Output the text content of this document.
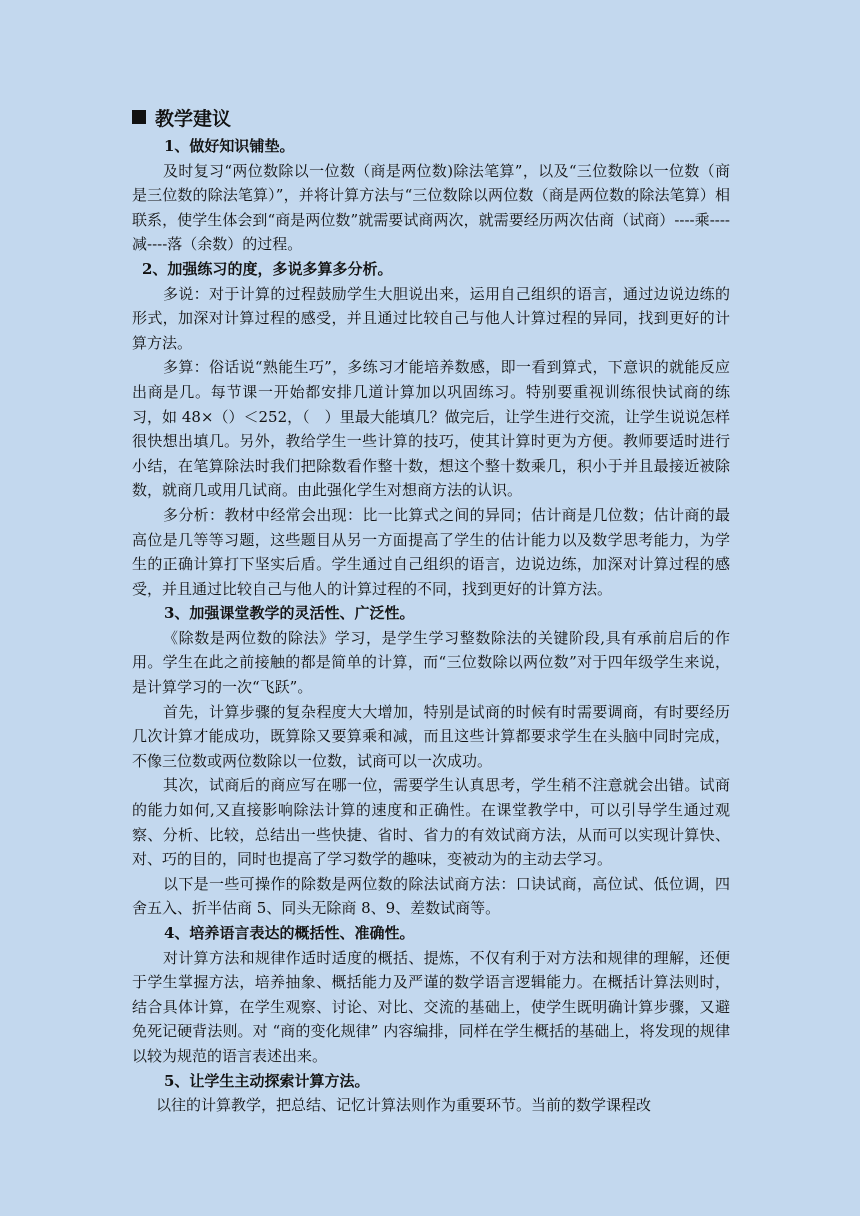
教学建议
1、做好知识铺垫。

及时复习“两位数除以一位数（商是两位数)除法笔算”，以及“三位数除以一位数（商是三位数的除法笔算）”，并将计算方法与“三位数除以两位数（商是两位数的除法笔算）相联系，使学生体会到“商是两位数”就需要试商两次，就需要经历两次估商（试商）----乘----减----落（余数）的过程。

2、加强练习的度，多说多算多分析。

多说：对于计算的过程鼓励学生大胆说出来，运用自己组织的语言，通过边说边练的形式，加深对计算过程的感受，并且通过比较自己与他人计算过程的异同，找到更好的计算方法。

多算：俗话说“熟能生巧”，多练习才能培养数感，即一看到算式，下意识的就能反应出商是几。每节课一开始都安排几道计算加以巩固练习。特别要重视训练很快试商的练习，如 48×（）＜252，（　）里最大能填几？做完后，让学生进行交流，让学生说说怎样很快想出填几。另外，教给学生一些计算的技巧，使其计算时更为方便。教师要适时进行小结，在笔算除法时我们把除数看作整十数，想这个整十数乘几，积小于并且最接近被除数，就商几或用几试商。由此强化学生对想商方法的认识。

多分析：教材中经常会出现：比一比算式之间的异同；估计商是几位数；估计商的最高位是几等等习题，这些题目从另一方面提高了学生的估计能力以及数学思考能力，为学生的正确计算打下坚实后盾。学生通过自己组织的语言，边说边练，加深对计算过程的感受，并且通过比较自己与他人的计算过程的不同，找到更好的计算方法。

3、加强课堂教学的灵活性、广泛性。

《除数是两位数的除法》学习，是学生学习整数除法的关键阶段,具有承前启后的作用。学生在此之前接触的都是简单的计算，而“三位数除以两位数”对于四年级学生来说，是计算学习的一次“飞跃”。

首先，计算步骤的复杂程度大大增加，特别是试商的时候有时需要调商，有时要经历几次计算才能成功，既算除又要算乘和减，而且这些计算都要求学生在头脑中同时完成，不像三位数或两位数除以一位数，试商可以一次成功。

其次，试商后的商应写在哪一位，需要学生认真思考，学生稍不注意就会出错。试商的能力如何,又直接影响除法计算的速度和正确性。在课堂教学中，可以引导学生通过观察、分析、比较，总结出一些快捷、省时、省力的有效试商方法，从而可以实现计算快、对、巧的目的，同时也提高了学习数学的趣味，变被动为的主动去学习。

以下是一些可操作的除数是两位数的除法试商方法：口诀试商，高位试、低位调，四舍五入、折半估商 5、同头无除商 8、9、差数试商等。

4、培养语言表达的概括性、准确性。

对计算方法和规律作适时适度的概括、提炼，不仅有利于对方法和规律的理解，还便于学生掌握方法，培养抽象、概括能力及严谨的数学语言逻辑能力。在概括计算法则时，结合具体计算，在学生观察、讨论、对比、交流的基础上，使学生既明确计算步骤，又避免死记硬背法则。对 “商的变化规律” 内容编排，同样在学生概括的基础上，将发现的规律以较为规范的语言表述出来。

5、让学生主动探索计算方法。

以往的计算教学，把总结、记忆计算法则作为重要环节。当前的数学课程改
